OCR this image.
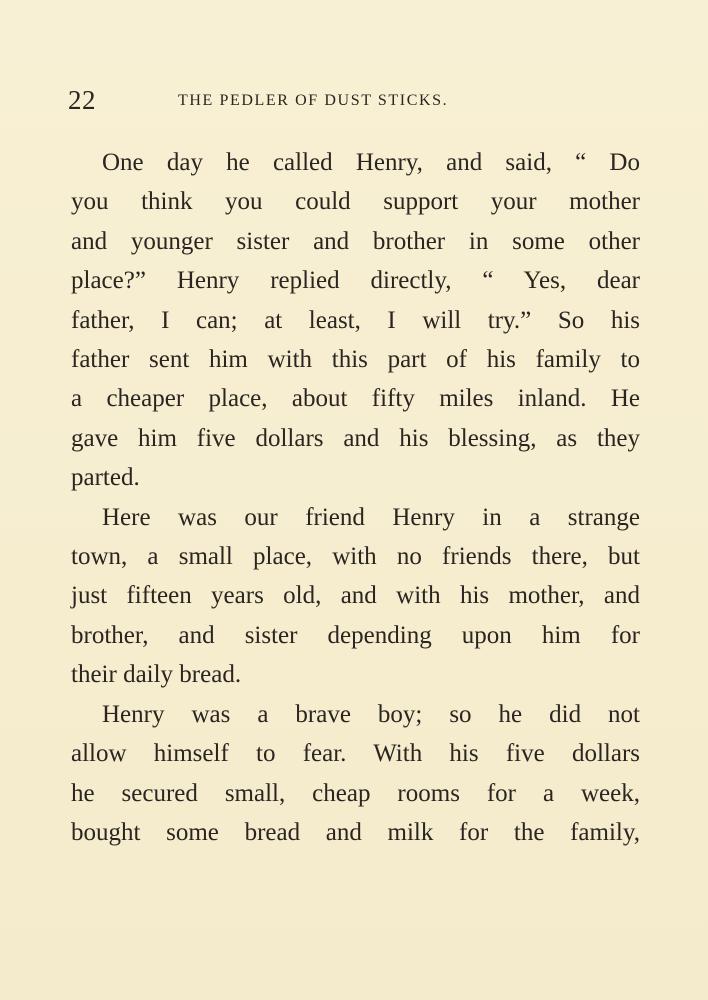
22	THE PEDLER OF DUST STICKS.
One day he called Henry, and said, “ Do
you think you could support your mother
and younger sister and brother in some other
place?” Henry replied directly, “ Yes, dear
father, I can; at least, I will try.” So his
father sent him with this part of his family to
a cheaper place, about fifty miles inland. He
gave him five dollars and his blessing, as they
parted.
Here was our friend Henry in a strange
town, a small place, with no friends there, but
just fifteen years old, and with his mother, and
brother, and sister depending upon him for
their daily bread.
Henry was a brave boy; so he did not
allow himself to fear. With his five dollars
he secured small, cheap rooms for a week,
bought some bread and milk for the family,
